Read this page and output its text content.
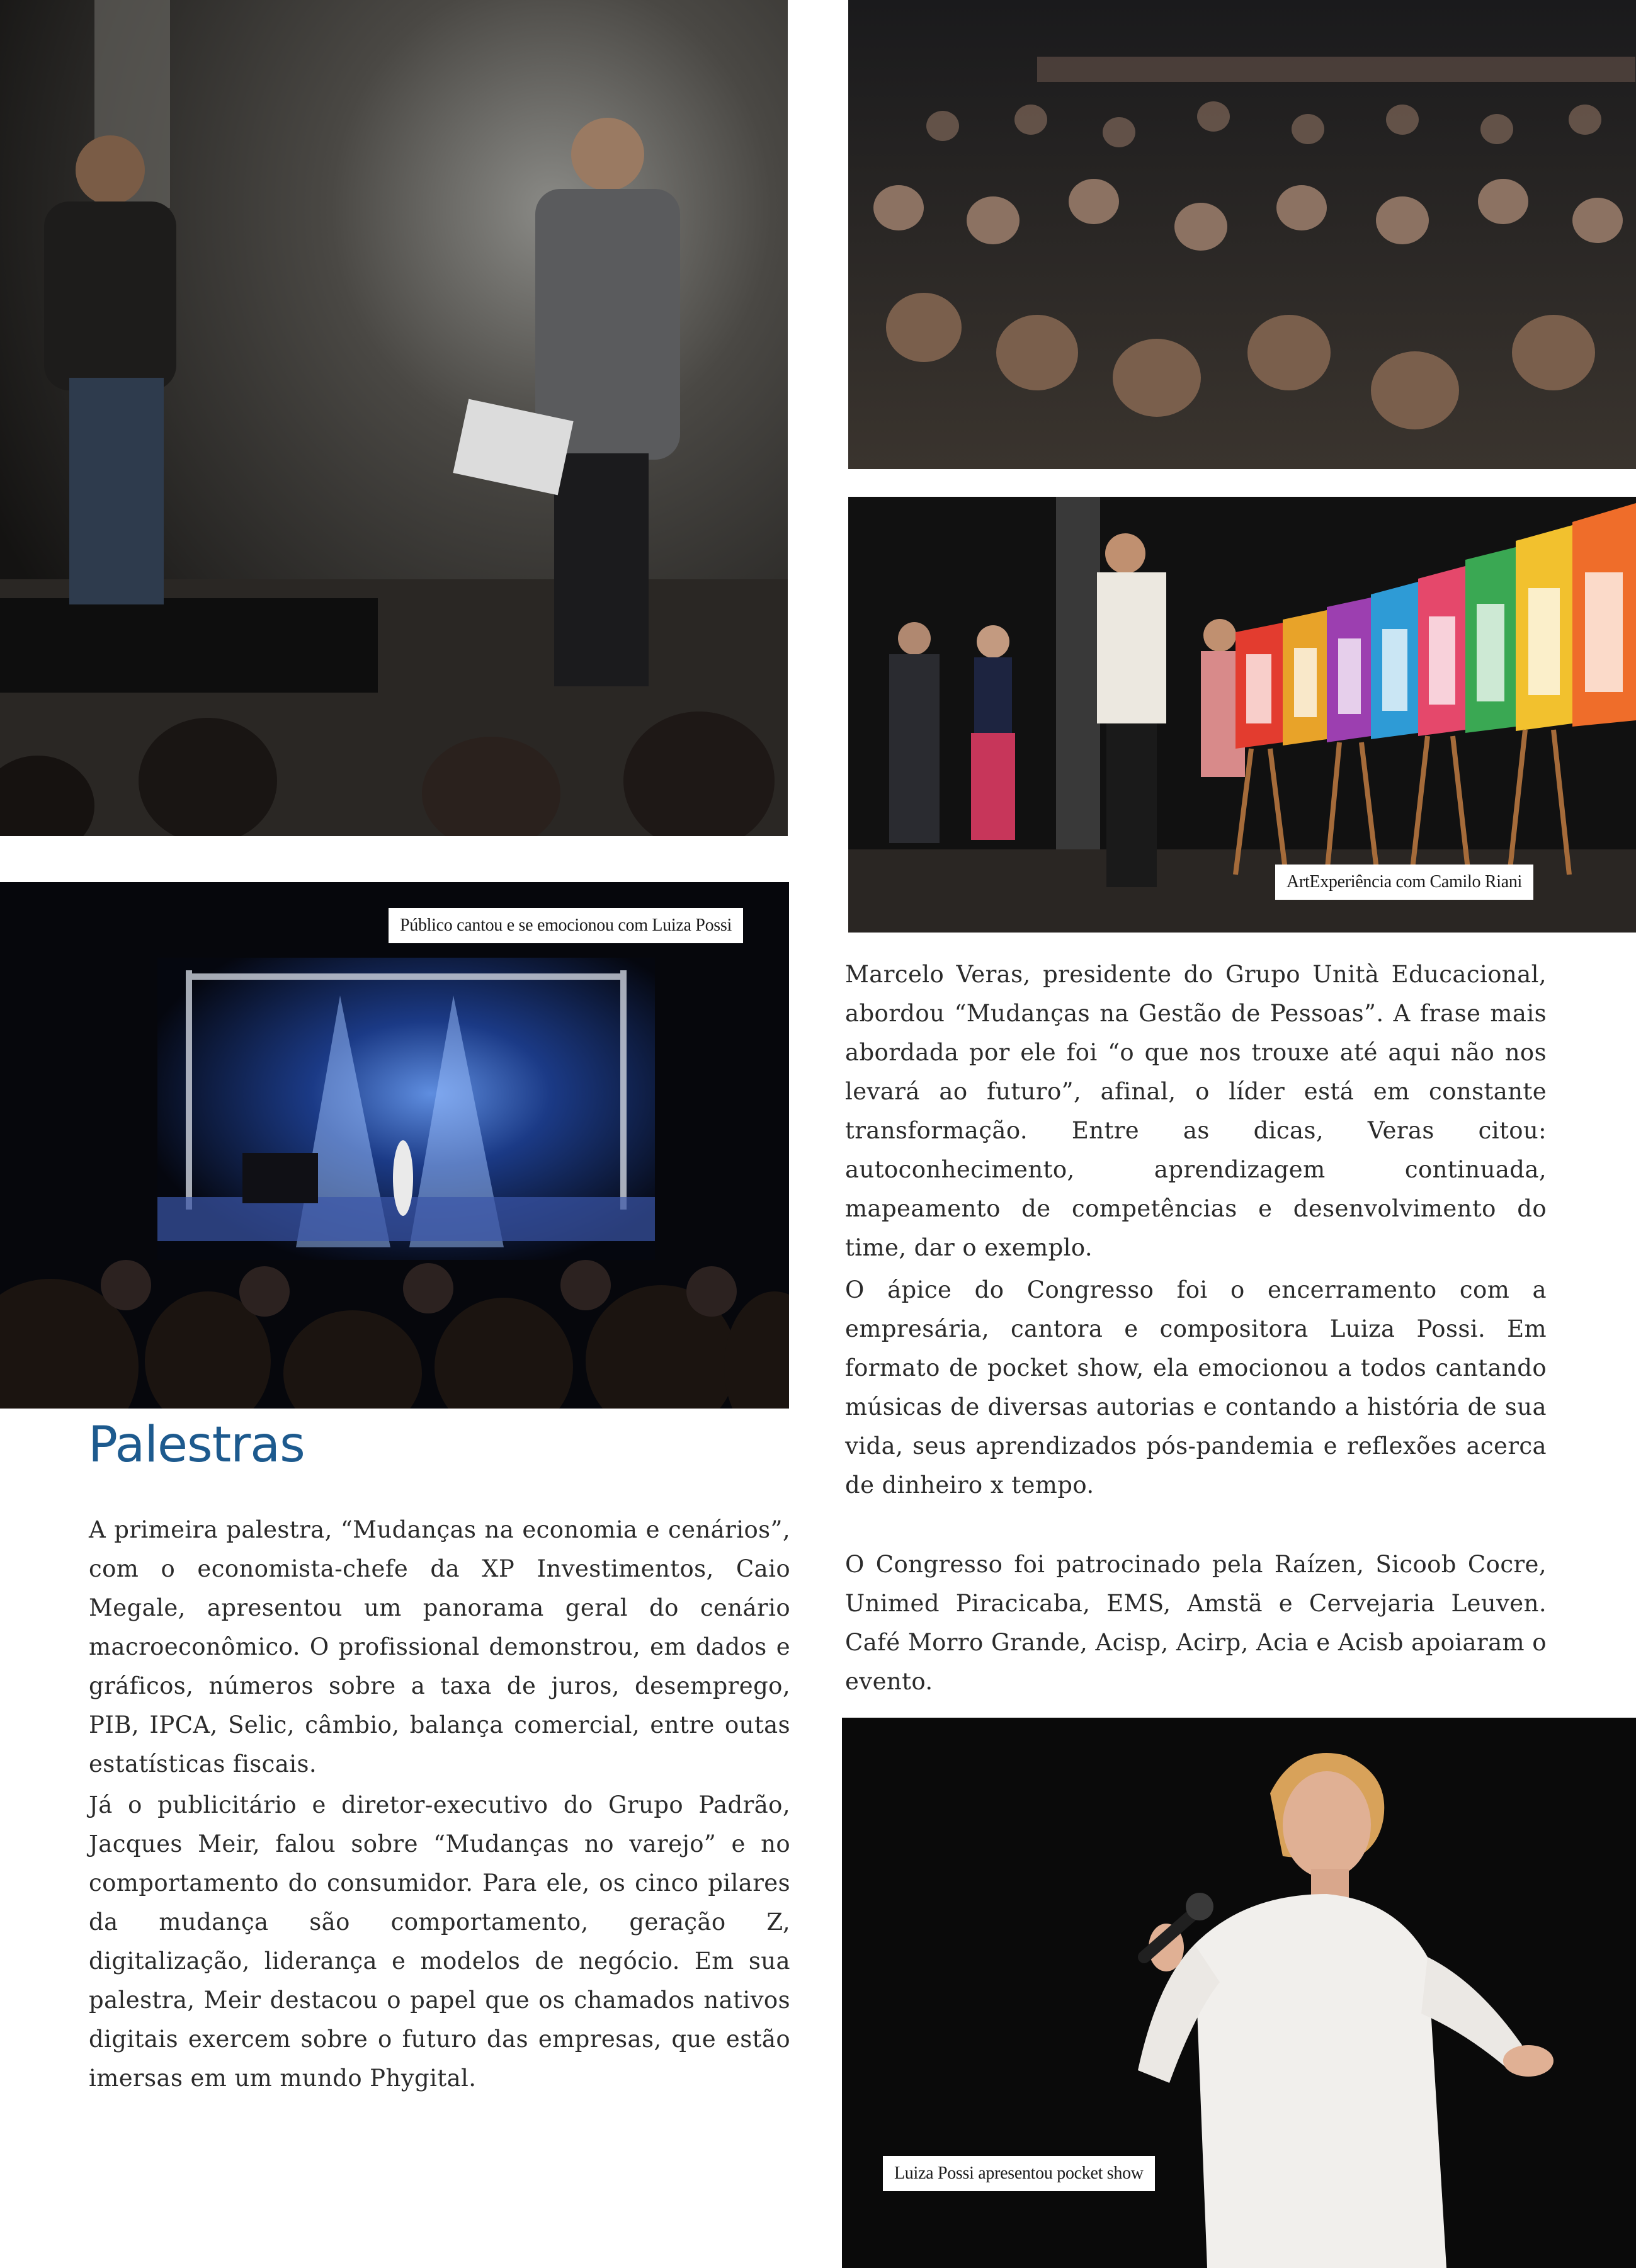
ArtExperiência com Camilo Riani
Público cantou e se emocionou com Luiza Possi
Palestras

A primeira palestra, “Mudanças na economia e cenários”, com o economista-chefe da XP Investimentos, Caio Megale, apresentou um panorama geral do cenário macroeconômico. O profissional demonstrou, em dados e gráficos, números sobre a taxa de juros, desemprego, PIB, IPCA, Selic, câmbio, balança comercial, entre outas estatísticas fiscais.

Já o publicitário e diretor-executivo do Grupo Padrão, Jacques Meir, falou sobre “Mudanças no varejo” e no comportamento do consumidor. Para ele, os cinco pilares da mudança são comportamento, geração Z, digitalização, liderança e modelos de negócio. Em sua palestra, Meir destacou o papel que os chamados nativos digitais exercem sobre o futuro das empresas, que estão imersas em um mundo Phygital.

Marcelo Veras, presidente do Grupo Unità Educacional, abordou “Mudanças na Gestão de Pessoas”. A frase mais abordada por ele foi “o que nos trouxe até aqui não nos levará ao futuro”, afinal, o líder está em constante transformação. Entre as dicas, Veras citou: autoconhecimento, aprendizagem continuada, mapeamento de competências e desenvolvimento do time, dar o exemplo.

O ápice do Congresso foi o encerramento com a empresária, cantora e compositora Luiza Possi. Em formato de pocket show, ela emocionou a todos cantando músicas de diversas autorias e contando a história de sua vida, seus aprendizados pós-pandemia e reflexões acerca de dinheiro x tempo.

O Congresso foi patrocinado pela Raízen, Sicoob Cocre, Unimed Piracicaba, EMS, Amstä e Cervejaria Leuven. Café Morro Grande, Acisp, Acirp, Acia e Acisb apoiaram o evento.

Luiza Possi apresentou pocket show
